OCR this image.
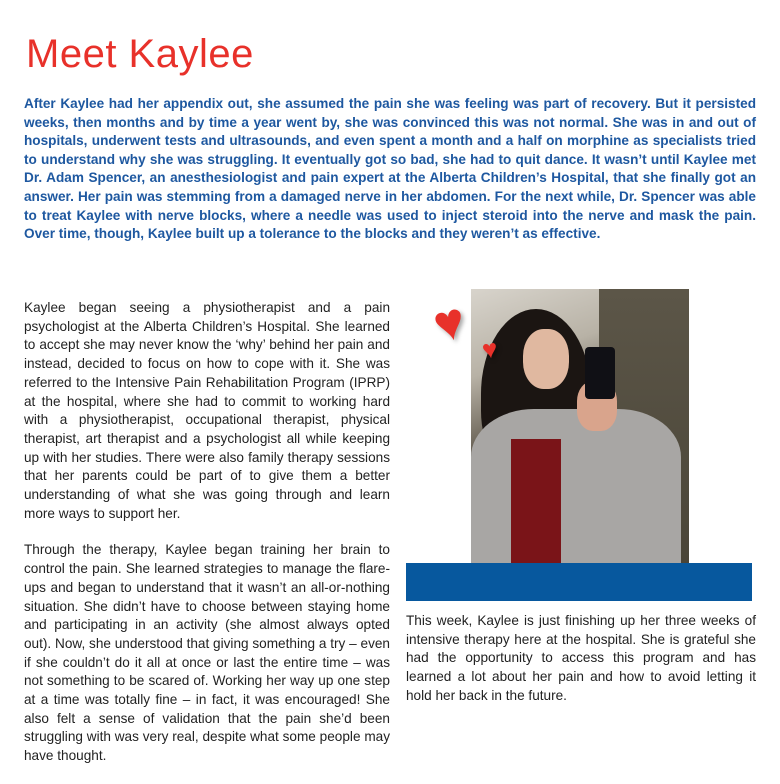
Meet Kaylee
After Kaylee had her appendix out, she assumed the pain she was feeling was part of recovery. But it persisted weeks, then months and by time a year went by, she was convinced this was not normal. She was in and out of hospitals, underwent tests and ultrasounds, and even spent a month and a half on morphine as specialists tried to understand why she was struggling. It eventually got so bad, she had to quit dance. It wasn’t until Kaylee met Dr. Adam Spencer, an anesthesiologist and pain expert at the Alberta Children’s Hospital, that she finally got an answer. Her pain was stemming from a damaged nerve in her abdomen. For the next while, Dr. Spencer was able to treat Kaylee with nerve blocks, where a needle was used to inject steroid into the nerve and mask the pain. Over time, though, Kaylee built up a tolerance to the blocks and they weren’t as effective.

Kaylee began seeing a physiotherapist and a pain psychologist at the Alberta Children’s Hospital. She learned to accept she may never know the ‘why’ behind her pain and instead, decided to focus on how to cope with it. She was referred to the Intensive Pain Rehabilitation Program (IPRP) at the hospital, where she had to commit to working hard with a physiotherapist, occupational therapist, physical therapist, art therapist and a psychologist all while keeping up with her studies. There were also family therapy sessions that her parents could be part of to give them a better understanding of what she was going through and learn more ways to support her.

Through the therapy, Kaylee began training her brain to control the pain. She learned strategies to manage the flare-ups and began to understand that it wasn’t an all-or-nothing situation. She didn’t have to choose between staying home and participating in an activity (she almost always opted out). Now, she understood that giving something a try – even if she couldn’t do it all at once or last the entire time – was not something to be scared of. Working her way up one step at a time was totally fine – in fact, it was encouraged! She also felt a sense of validation that the pain she’d been struggling with was very real, despite what some people may have thought.

♥ ♥
This week, Kaylee is just finishing up her three weeks of intensive therapy here at the hospital. She is grateful she had the opportunity to access this program and has learned a lot about her pain and how to avoid letting it hold her back in the future.
